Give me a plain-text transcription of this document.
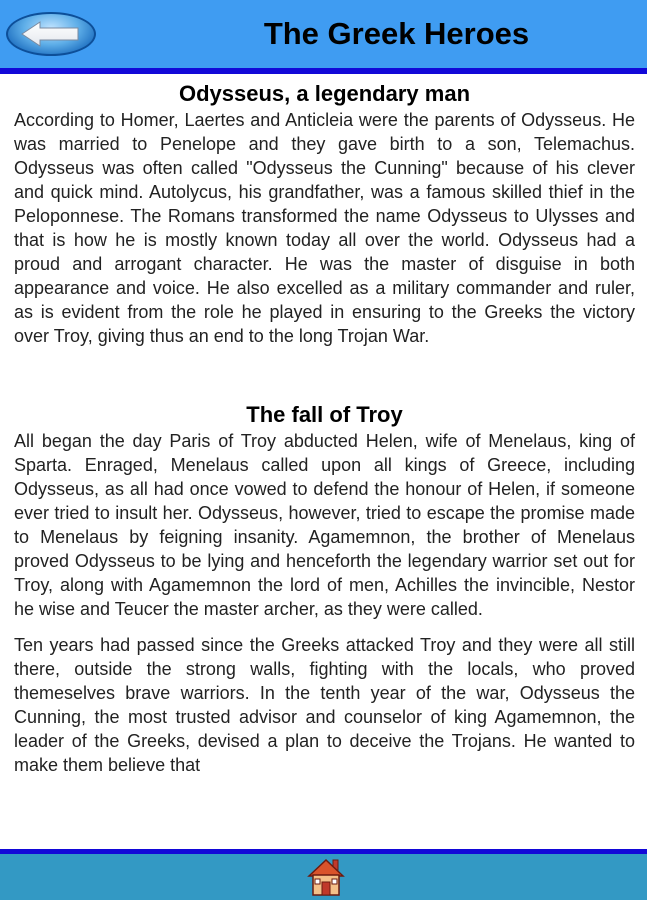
The Greek Heroes
Odysseus, a legendary man

According to Homer, Laertes and Anticleia were the parents of Odysseus. He was married to Penelope and they gave birth to a son, Telemachus. Odysseus was often called "Odysseus the Cunning" because of his clever and quick mind. Autolycus, his grandfather, was a famous skilled thief in the Peloponnese. The Romans transformed the name Odysseus to Ulysses and that is how he is mostly known today all over the world. Odysseus had a proud and arrogant character. He was the master of disguise in both appearance and voice. He also excelled as a military commander and ruler, as is evident from the role he played in ensuring to the Greeks the victory over Troy, giving thus an end to the long Trojan War.

The fall of Troy

All began the day Paris of Troy abducted Helen, wife of Menelaus, king of Sparta. Enraged, Menelaus called upon all kings of Greece, including Odysseus, as all had once vowed to defend the honour of Helen, if someone ever tried to insult her. Odysseus, however, tried to escape the promise made to Menelaus by feigning insanity. Agamemnon, the brother of Menelaus proved Odysseus to be lying and henceforth the legendary warrior set out for Troy, along with Agamemnon the lord of men, Achilles the invincible, Nestor he wise and Teucer the master archer, as they were called.

Ten years had passed since the Greeks attacked Troy and they were all still there, outside the strong walls, fighting with the locals, who proved themeselves brave warriors. In the tenth year of the war, Odysseus the Cunning, the most trusted advisor and counselor of king Agamemnon, the leader of the Greeks, devised a plan to deceive the Trojans. He wanted to make them believe that
